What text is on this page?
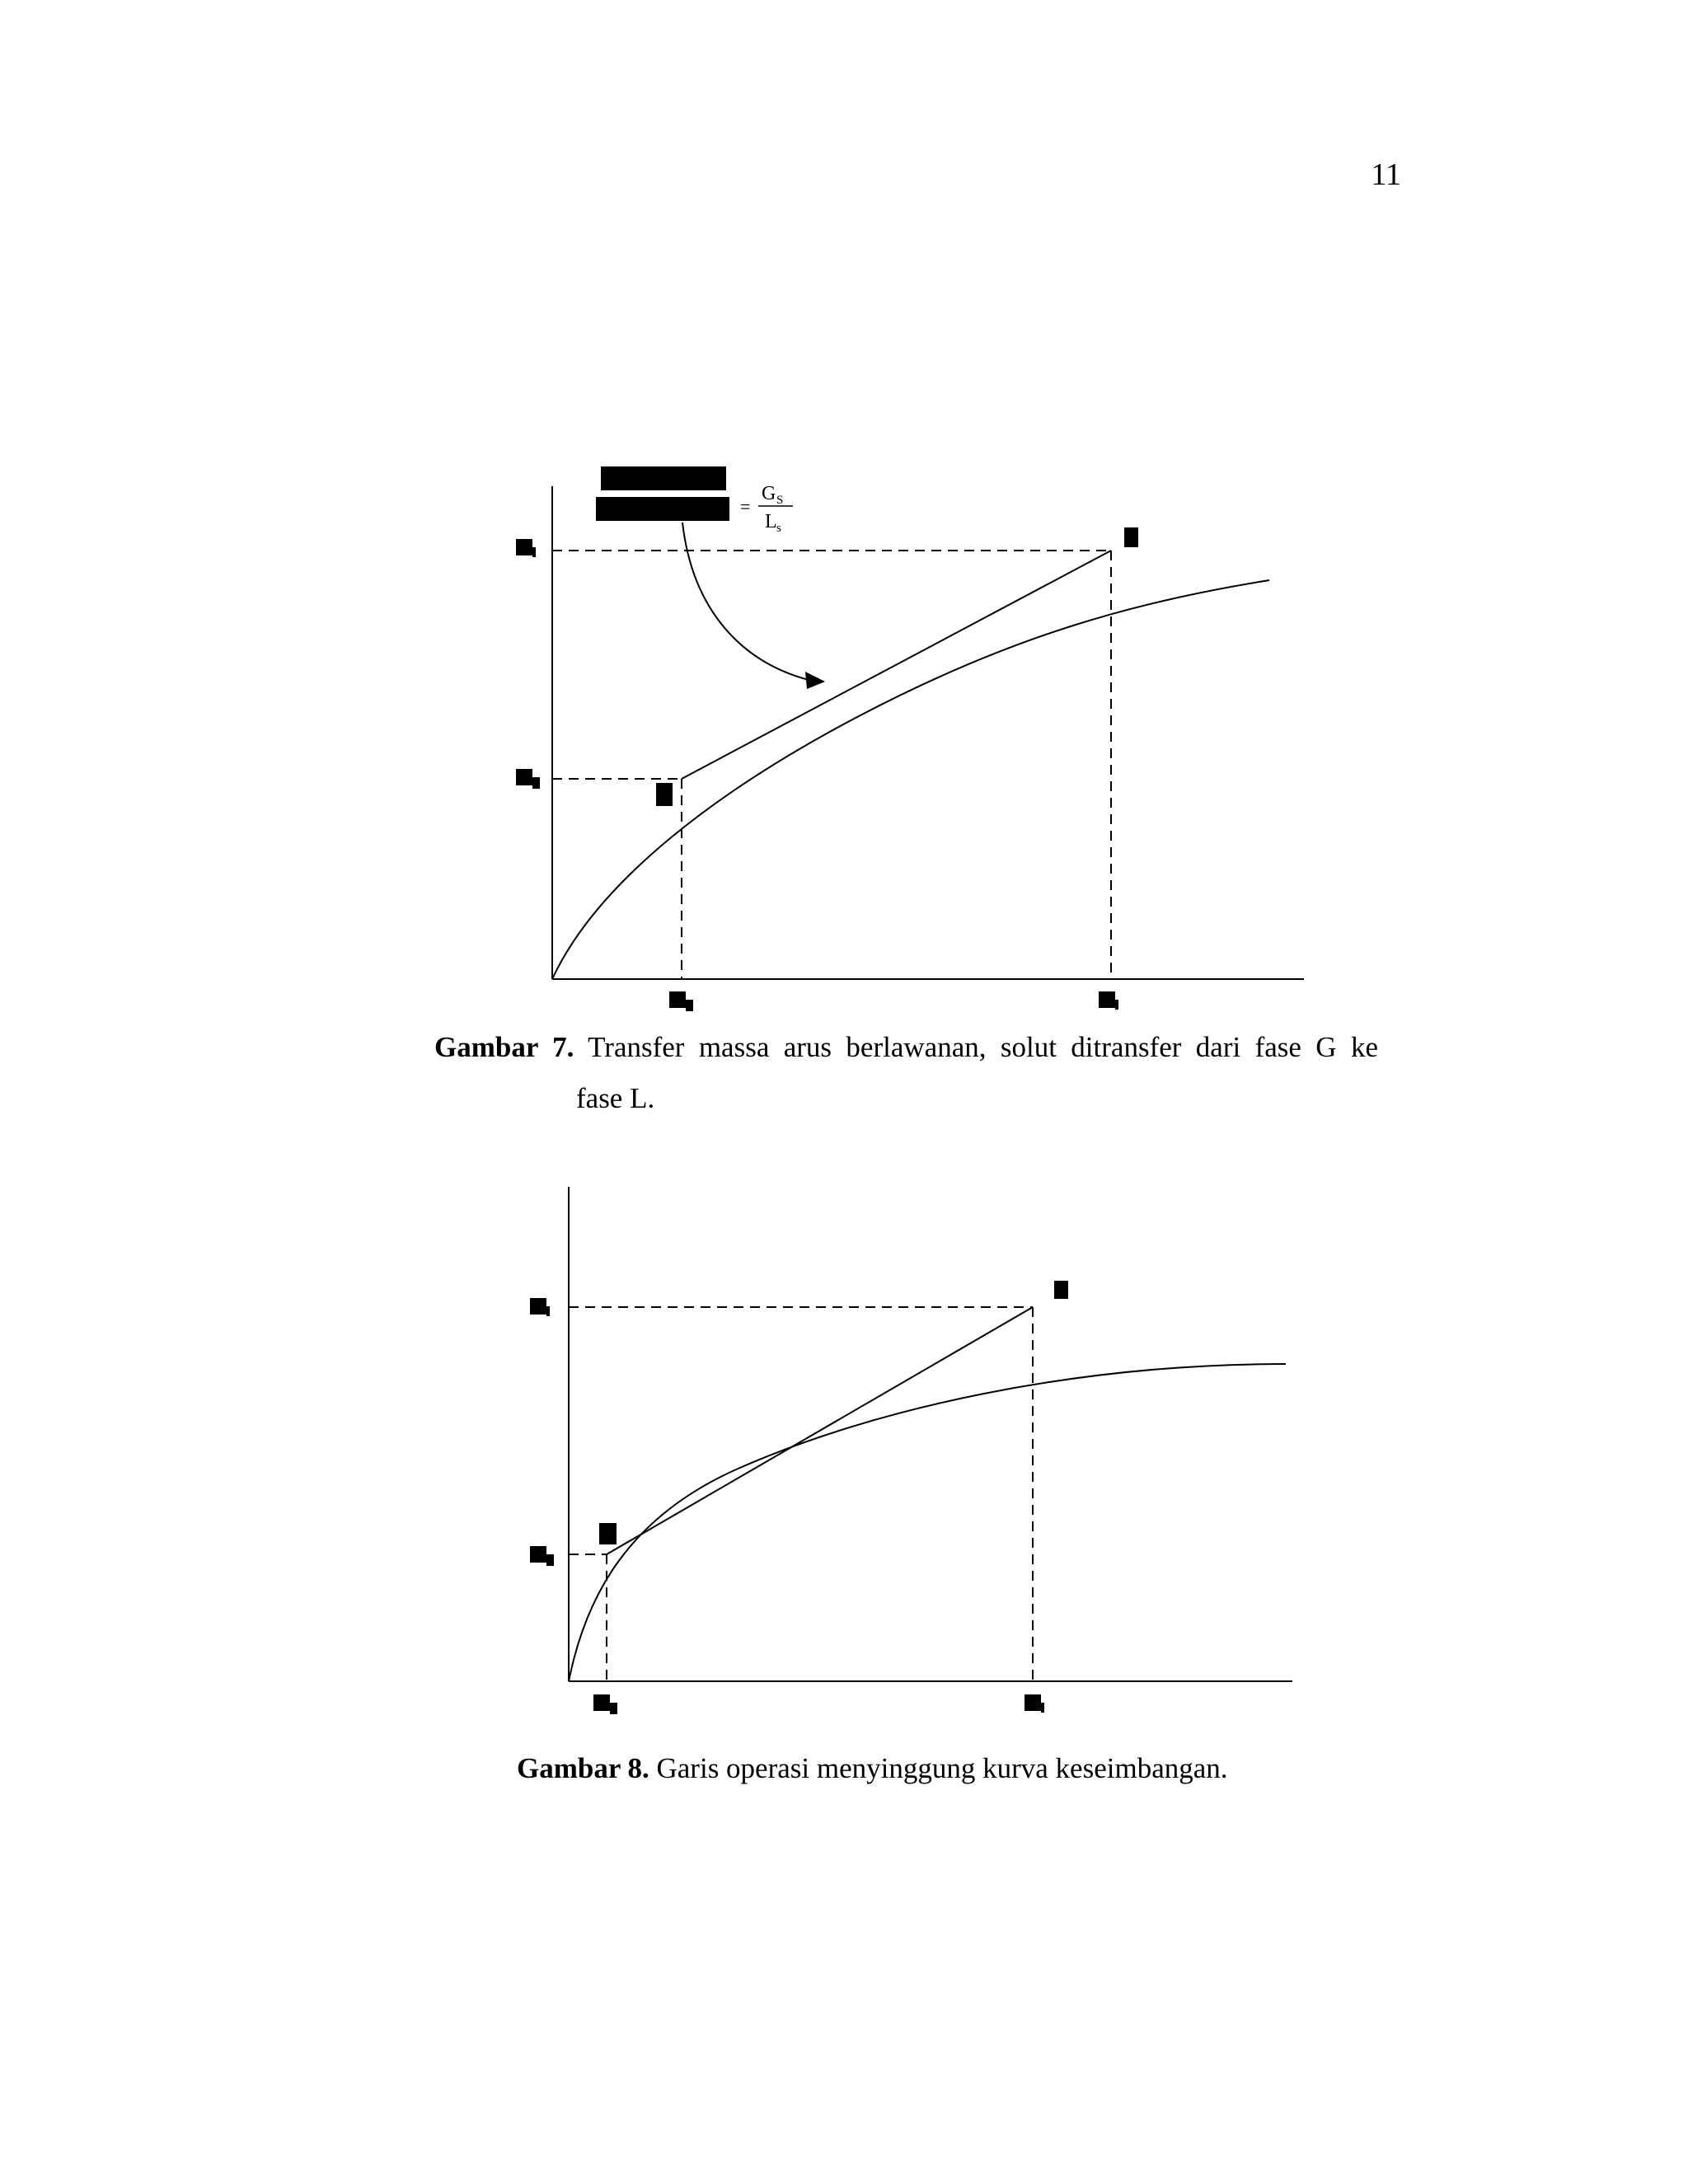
11
=
G S
L s
Gambar 7. Transfer massa arus berlawanan, solut ditransfer dari fase G ke
fase L.
Gambar 8. Garis operasi menyinggung kurva keseimbangan.
